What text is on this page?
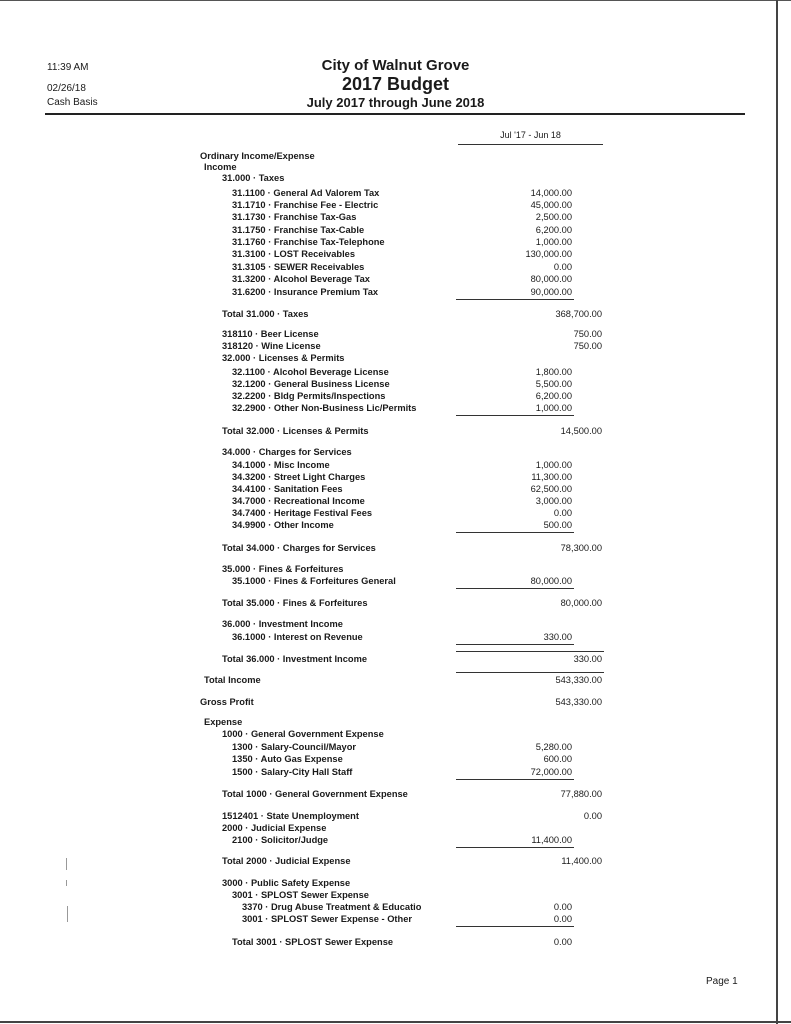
11:39 AM
02/26/18
Cash Basis
City of Walnut Grove
2017 Budget
July 2017 through June 2018
Jul '17 - Jun 18
Ordinary Income/Expense
Income
31.000 · Taxes
31.1100 · General Ad Valorem Tax	14,000.00
31.1710 · Franchise Fee - Electric	45,000.00
31.1730 · Franchise Tax-Gas	2,500.00
31.1750 · Franchise Tax-Cable	6,200.00
31.1760 · Franchise Tax-Telephone	1,000.00
31.3100 · LOST Receivables	130,000.00
31.3105 · SEWER Receivables	0.00
31.3200 · Alcohol Beverage Tax	80,000.00
31.6200 · Insurance Premium Tax	90,000.00
Total 31.000 · Taxes	368,700.00
318110 · Beer License	750.00
318120 · Wine License	750.00
32.000 · Licenses & Permits
32.1100 · Alcohol Beverage License	1,800.00
32.1200 · General Business License	5,500.00
32.2200 · Bldg Permits/Inspections	6,200.00
32.2900 · Other Non-Business Lic/Permits	1,000.00
Total 32.000 · Licenses & Permits	14,500.00
34.000 · Charges for Services
34.1000 · Misc Income	1,000.00
34.3200 · Street Light Charges	11,300.00
34.4100 · Sanitation Fees	62,500.00
34.7000 · Recreational Income	3,000.00
34.7400 · Heritage Festival Fees	0.00
34.9900 · Other Income	500.00
Total 34.000 · Charges for Services	78,300.00
35.000 · Fines & Forfeitures
35.1000 · Fines & Forfeitures General	80,000.00
Total 35.000 · Fines & Forfeitures	80,000.00
36.000 · Investment Income
36.1000 · Interest on Revenue	330.00
Total 36.000 · Investment Income	330.00
Total Income	543,330.00
Gross Profit	543,330.00
Expense
1000 · General Government Expense
1300 · Salary-Council/Mayor	5,280.00
1350 · Auto Gas Expense	600.00
1500 · Salary-City Hall Staff	72,000.00
Total 1000 · General Government Expense	77,880.00
1512401 · State Unemployment	0.00
2000 · Judicial Expense
2100 · Solicitor/Judge	11,400.00
Total 2000 · Judicial Expense	11,400.00
3000 · Public Safety Expense
3001 · SPLOST Sewer Expense
3370 · Drug Abuse Treatment & Educatio	0.00
3001 · SPLOST Sewer Expense - Other	0.00
Total 3001 · SPLOST Sewer Expense	0.00
Page 1
